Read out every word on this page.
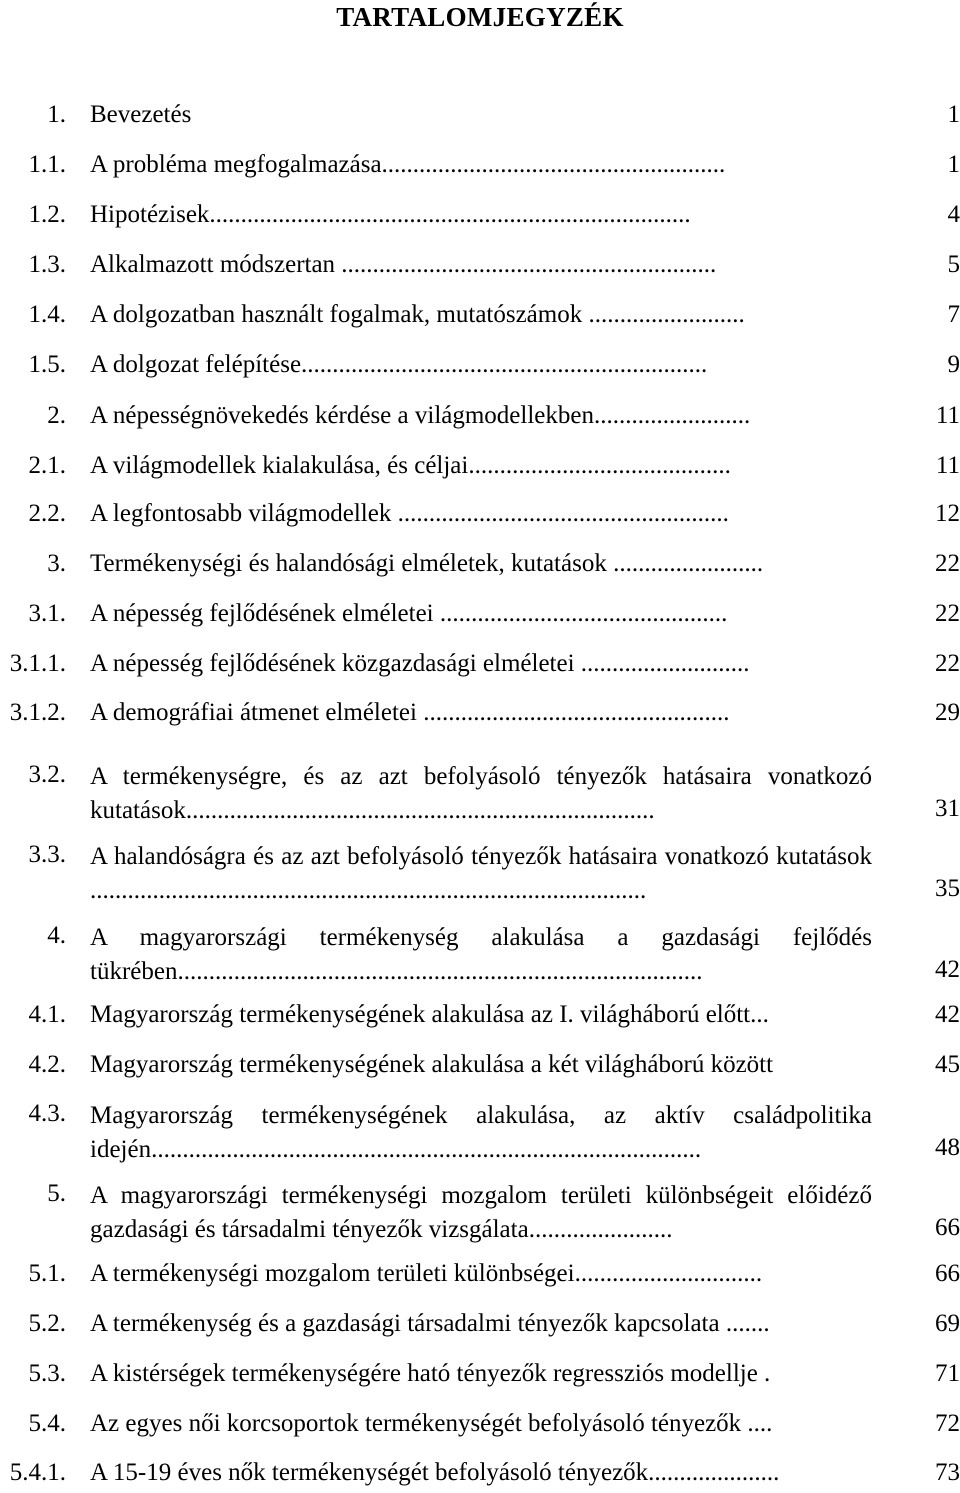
TARTALOMJEGYZÉK
1. Bevezetés	1
1.1. A probléma megfogalmazása.......................................................	1
1.2. Hipotézisek.............................................................................	4
1.3. Alkalmazott módszertan ............................................................	5
1.4. A dolgozatban használt fogalmak, mutatószámok .........................	7
1.5. A dolgozat felépítése.................................................................	9
2. A népességnövekedés kérdése a világmodellekben.........................	11
2.1. A világmodellek kialakulása, és céljai..........................................	11
2.2. A legfontosabb világmodellek .....................................................	12
3. Termékenységi és halandósági elméletek, kutatások ........................	22
3.1. A népesség fejlődésének elméletei ..............................................	22
3.1.1. A népesség fejlődésének közgazdasági elméletei ...........................	22
3.1.2. A demográfiai átmenet elméletei .................................................	29
3.2. A termékenységre, és az azt befolyásoló tényezők hatásaira vonatkozó kutatások...........................................................................	31
3.3. A halandóságra és az azt befolyásoló tényezők hatásaira vonatkozó kutatások .........................................................................................	35
4. A magyarországi termékenység alakulása a gazdasági fejlődés tükrében....................................................................................	42
4.1. Magyarország termékenységének alakulása az I. világháború előtt...	42
4.2. Magyarország termékenységének alakulása a két világháború között	45
4.3. Magyarország termékenységének alakulása, az aktív családpolitika idején........................................................................................	48
5. A magyarországi termékenységi mozgalom területi különbségeit előidéző gazdasági és társadalmi tényezők vizsgálata.......................	66
5.1. A termékenységi mozgalom területi különbségei..............................	66
5.2. A termékenység és a gazdasági társadalmi tényezők kapcsolata .......	69
5.3. A kistérségek termékenységére ható tényezők regressziós modellje .	71
5.4. Az egyes női korcsoportok termékenységét befolyásoló tényezők ....	72
5.4.1. A 15-19 éves nők termékenységét befolyásoló tényezők.....................	73
